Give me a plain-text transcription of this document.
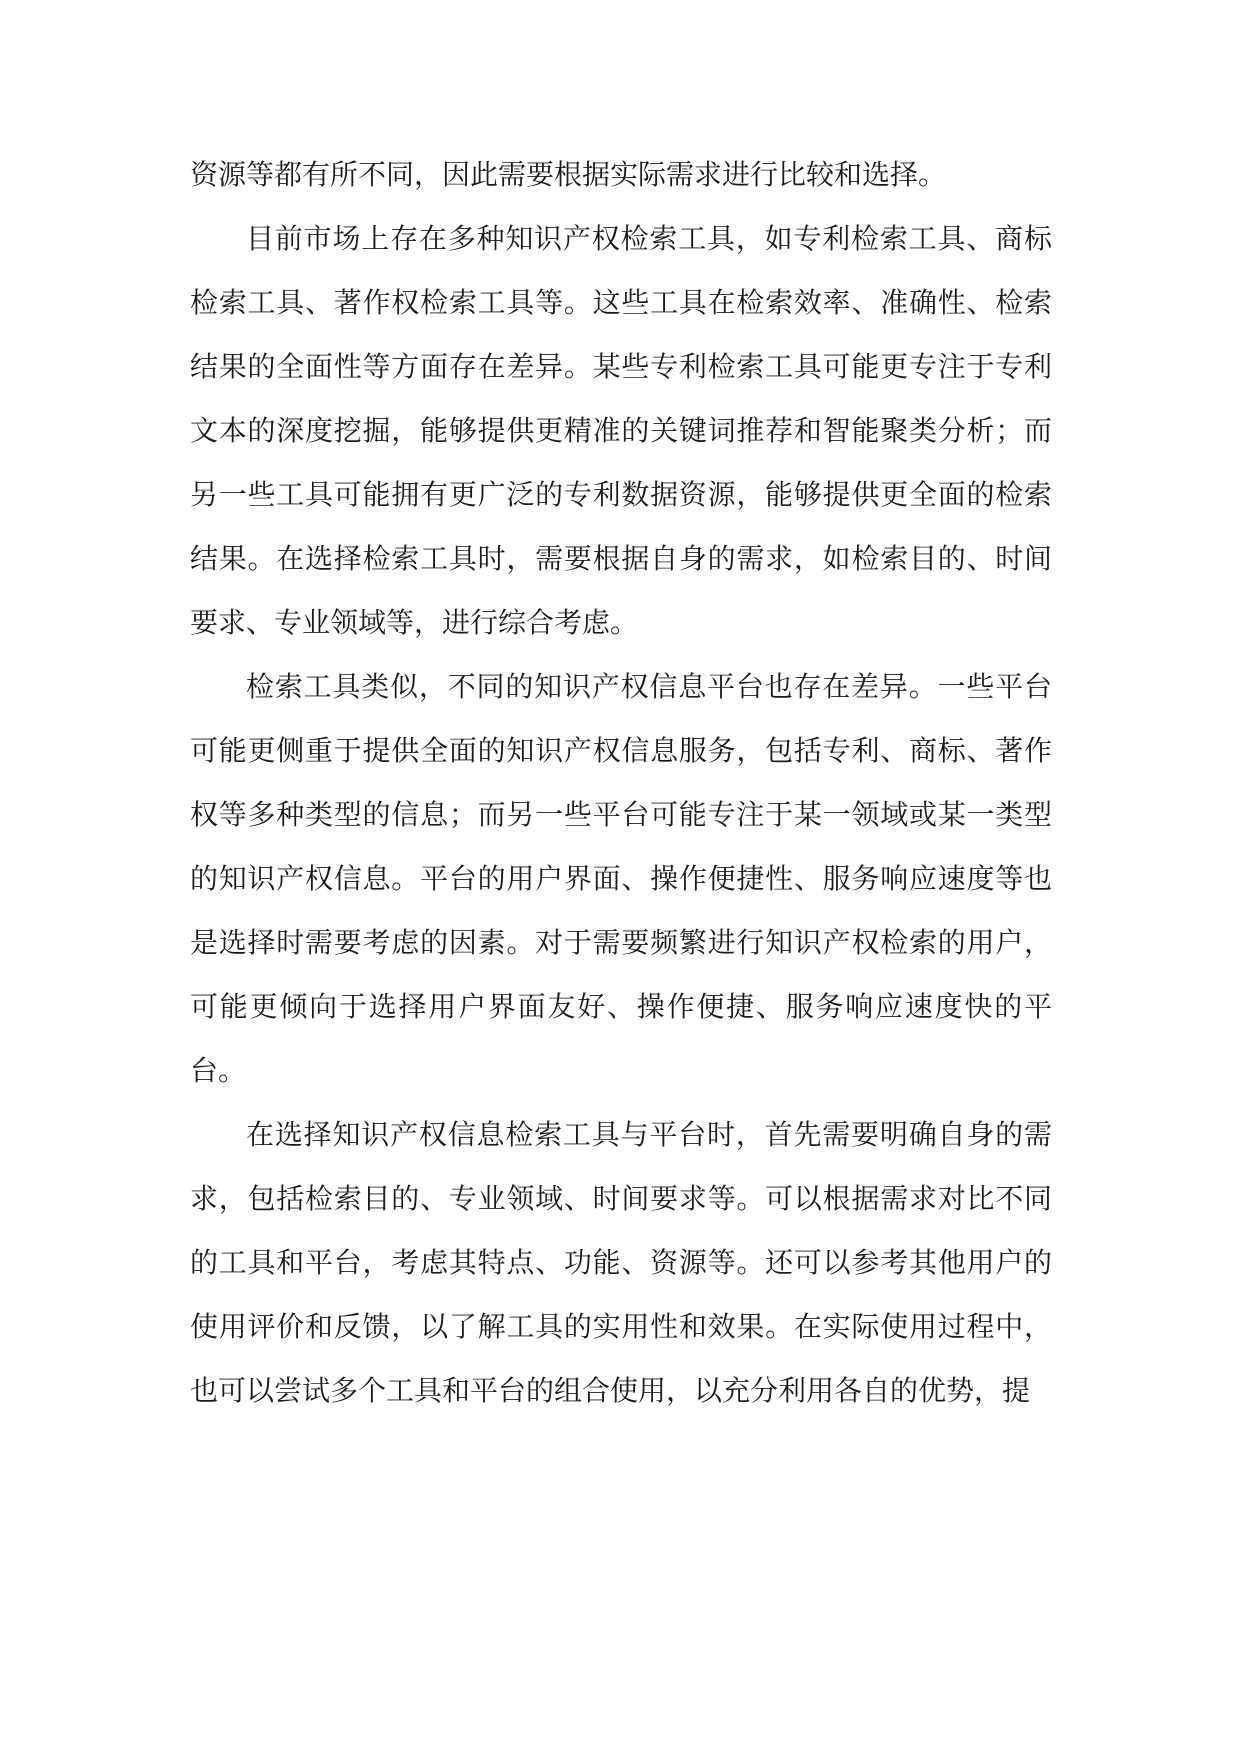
资源等都有所不同，因此需要根据实际需求进行比较和选择。

目前市场上存在多种知识产权检索工具，如专利检索工具、商标检索工具、著作权检索工具等。这些工具在检索效率、准确性、检索结果的全面性等方面存在差异。某些专利检索工具可能更专注于专利文本的深度挖掘，能够提供更精准的关键词推荐和智能聚类分析；而另一些工具可能拥有更广泛的专利数据资源，能够提供更全面的检索结果。在选择检索工具时，需要根据自身的需求，如检索目的、时间要求、专业领域等，进行综合考虑。

检索工具类似，不同的知识产权信息平台也存在差异。一些平台可能更侧重于提供全面的知识产权信息服务，包括专利、商标、著作权等多种类型的信息；而另一些平台可能专注于某一领域或某一类型的知识产权信息。平台的用户界面、操作便捷性、服务响应速度等也是选择时需要考虑的因素。对于需要频繁进行知识产权检索的用户，可能更倾向于选择用户界面友好、操作便捷、服务响应速度快的平台。

在选择知识产权信息检索工具与平台时，首先需要明确自身的需求，包括检索目的、专业领域、时间要求等。可以根据需求对比不同的工具和平台，考虑其特点、功能、资源等。还可以参考其他用户的使用评价和反馈，以了解工具的实用性和效果。在实际使用过程中，也可以尝试多个工具和平台的组合使用，以充分利用各自的优势，提
